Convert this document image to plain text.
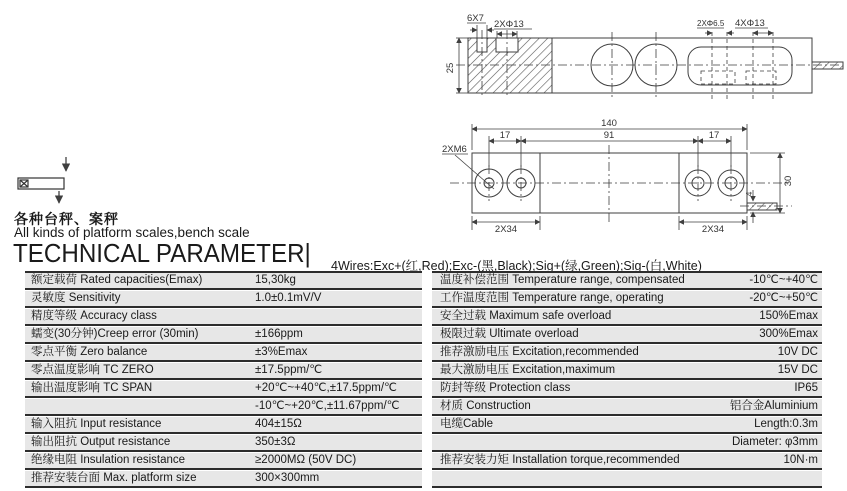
25
6X7
2XΦ13	2XΦ6.5 4XΦ13
140
17	91	17
2XM6
2X34	2X34
30
4
各种台秤、案秤
All kinds of platform scales,bench scale
TECHNICAL PARAMETER| 4Wires:Exc+(红,Red);Exc-(黑,Black);Sig+(绿,Green);Sig-(白,White)
额定载荷 Rated capacities(Emax)	15,30kg
灵敏度 Sensitivity	1.0±0.1mV/V
精度等级 Accuracy class
蠕变(30分钟)Creep error (30min)	±166ppm
零点平衡 Zero balance	±3%Emax
零点温度影响 TC ZERO	±17.5ppm/℃
输出温度影响 TC SPAN	+20℃~+40℃,±17.5ppm/℃
-10℃~+20℃,±11.67ppm/℃
输入阻抗 Input resistance	404±15Ω
输出阻抗 Output resistance	350±3Ω
绝缘电阻 Insulation resistance	≥2000MΩ (50V DC)
推荐安装台面 Max. platform size	300×300mm
温度补偿范围 Temperature range, compensated	-10℃~+40℃
工作温度范围 Temperature range, operating	-20℃~+50℃
安全过载 Maximum safe overload	150%Emax
极限过载 Ultimate overload	300%Emax
推荐激励电压 Excitation,recommended	10V DC
最大激励电压 Excitation,maximum	15V DC
防封等级 Protection class	IP65
材质 Construction	铝合金Aluminium
电缆Cable	Length:0.3m
Diameter: φ3mm
推荐安装力矩 Installation torque,recommended	10N·m
